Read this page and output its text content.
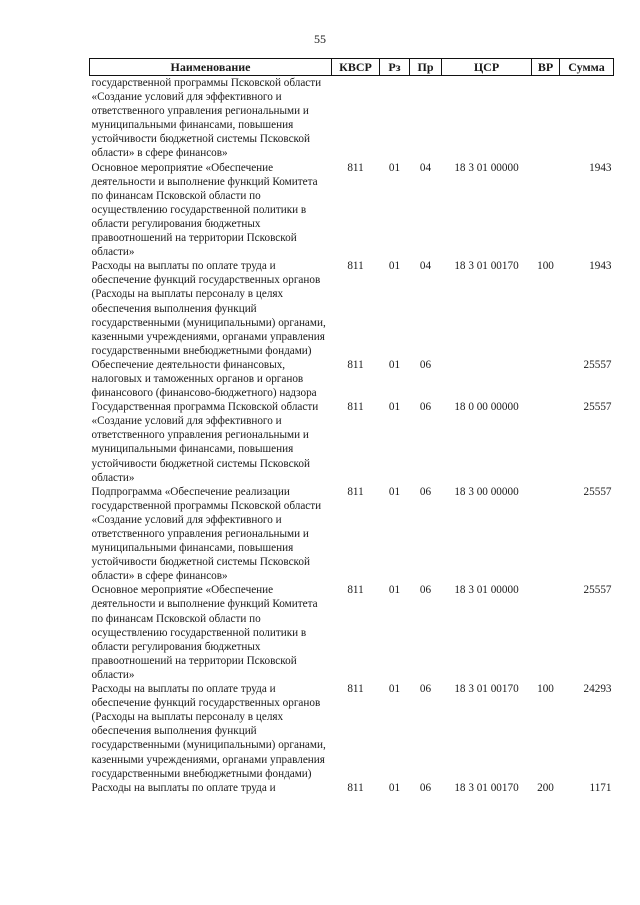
55
Наименование	КВСР	Рз	Пр	ЦСР	ВР	Сумма
государственной программы Псковской области «Создание условий для эффективного и ответственного управления региональными и муниципальными финансами, повышения устойчивости бюджетной системы Псковской области» в сфере финансов»						
Основное мероприятие «Обеспечение деятельности и выполнение функций Комитета по финансам Псковской области по осуществлению государственной политики в области регулирования бюджетных правоотношений на территории Псковской области»	811	01	04	18 3 01 00000		1943
Расходы на выплаты по оплате труда и обеспечение функций государственных органов (Расходы на выплаты персоналу в целях обеспечения выполнения функций государственными (муниципальными) органами, казенными учреждениями, органами управления государственными внебюджетными фондами)	811	01	04	18 3 01 00170	100	1943
Обеспечение деятельности финансовых, налоговых и таможенных органов и органов финансового (финансово-бюджетного) надзора	811	01	06			25557
Государственная программа Псковской области «Создание условий для эффективного и ответственного управления региональными и муниципальными финансами, повышения устойчивости бюджетной системы Псковской области»	811	01	06	18 0 00 00000		25557
Подпрограмма «Обеспечение реализации государственной программы Псковской области «Создание условий для эффективного и ответственного управления региональными и муниципальными финансами, повышения устойчивости бюджетной системы Псковской области» в сфере финансов»	811	01	06	18 3 00 00000		25557
Основное мероприятие «Обеспечение деятельности и выполнение функций Комитета по финансам Псковской области по осуществлению государственной политики в области регулирования бюджетных правоотношений на территории Псковской области»	811	01	06	18 3 01 00000		25557
Расходы на выплаты по оплате труда и обеспечение функций государственных органов (Расходы на выплаты персоналу в целях обеспечения выполнения функций государственными (муниципальными) органами, казенными учреждениями, органами управления государственными внебюджетными фондами)	811	01	06	18 3 01 00170	100	24293
Расходы на выплаты по оплате труда и	811	01	06	18 3 01 00170	200	1171
